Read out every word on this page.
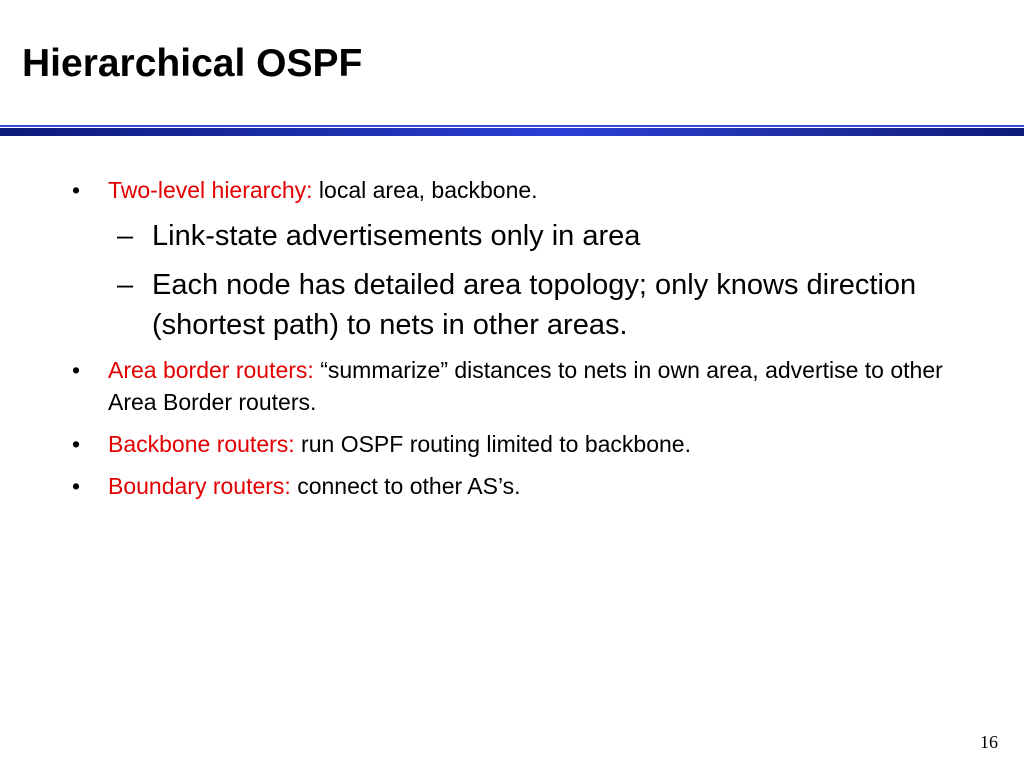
Hierarchical OSPF
• Two-level hierarchy: local area, backbone.
– Link-state advertisements only in area
– Each node has detailed area topology; only knows direction (shortest path) to nets in other areas.
• Area border routers: “summarize” distances to nets in own area, advertise to other Area Border routers.
• Backbone routers: run OSPF routing limited to backbone.
• Boundary routers: connect to other AS’s.
16
